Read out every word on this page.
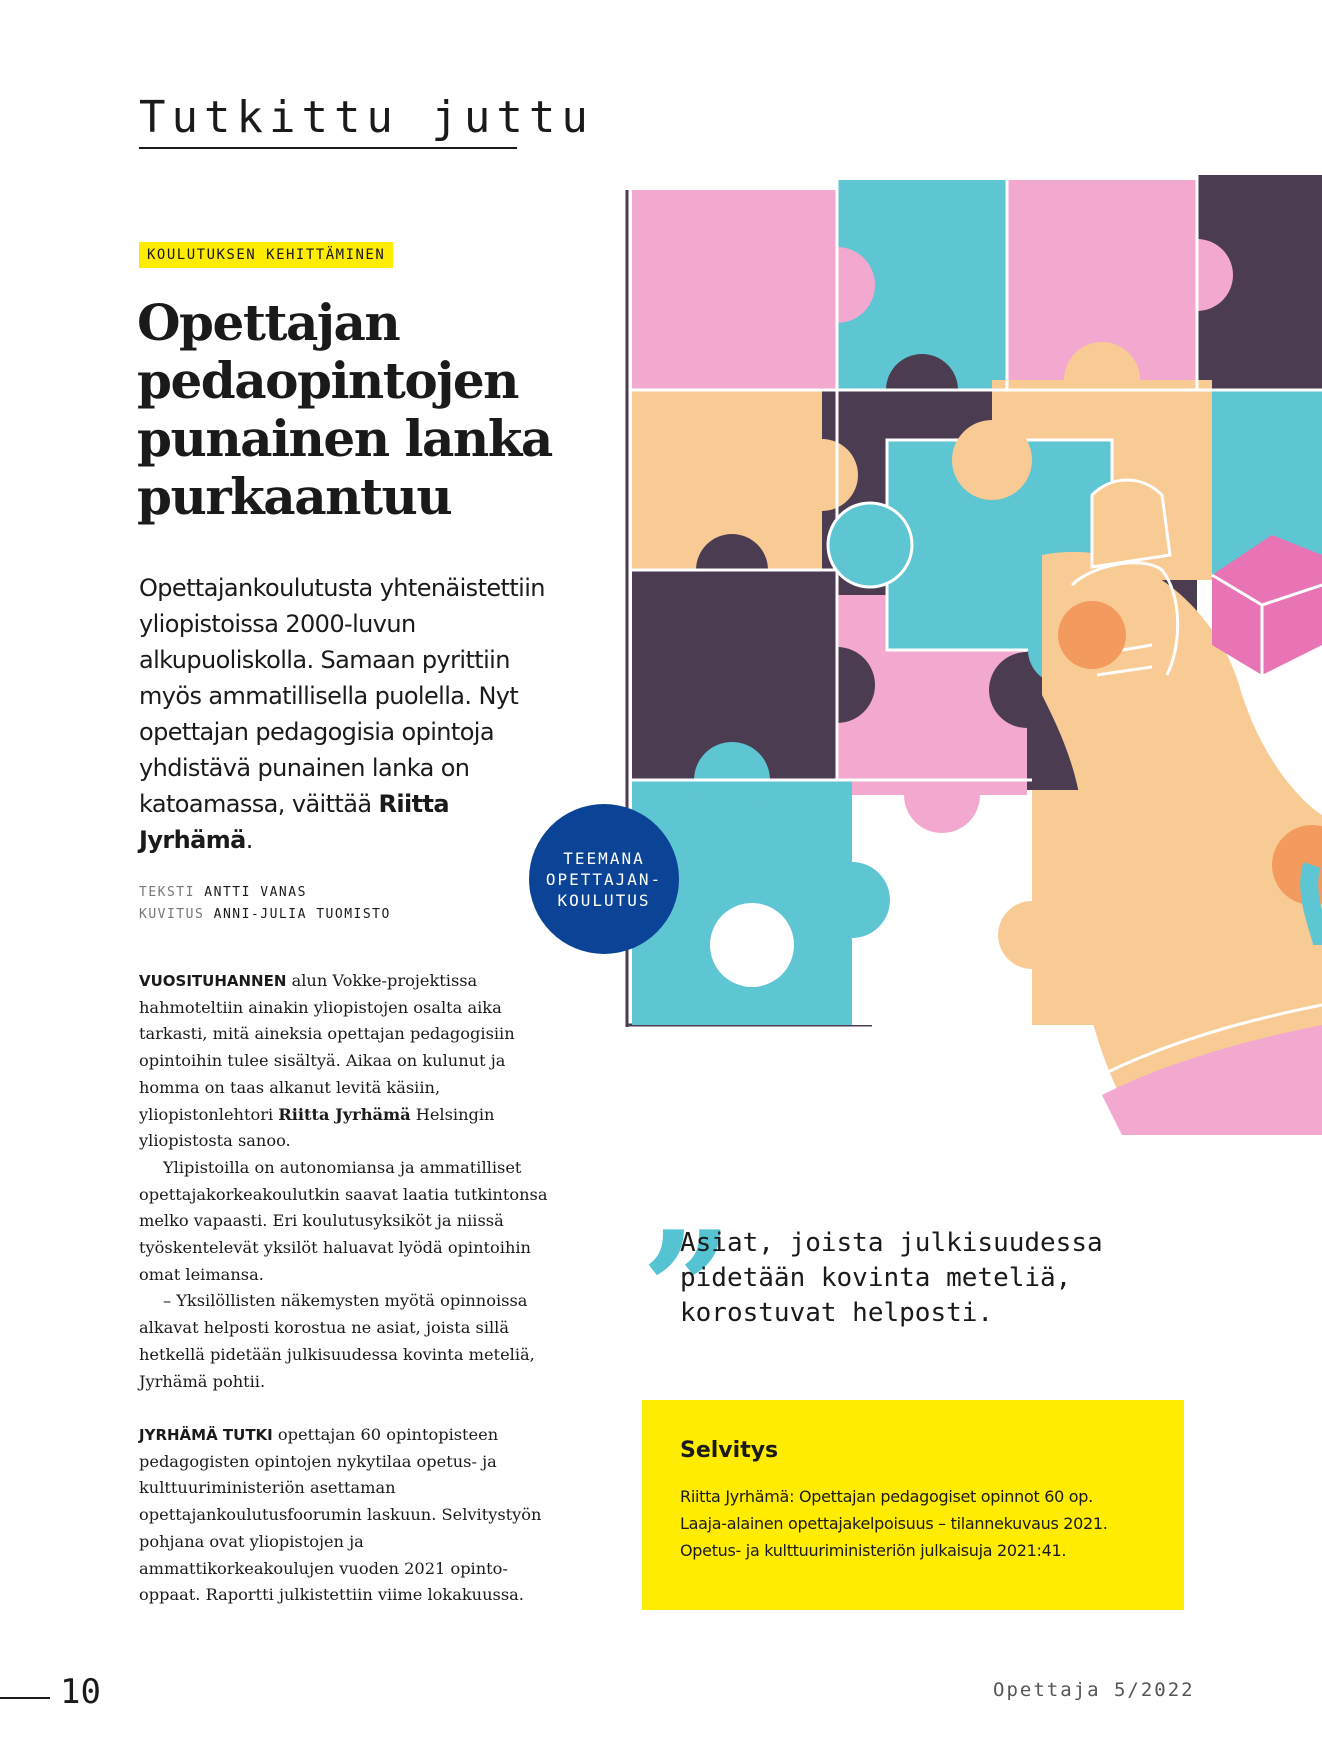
Tutkittu juttu
KOULUTUKSEN KEHITTÄMINEN
Opettajan
pedaopintojen
punainen lanka
purkaantuu

Opettajankoulutusta yhtenäistettiin yliopistoissa 2000-luvun alkupuoliskolla. Samaan pyrittiin myös ammatillisella puolella. Nyt opettajan pedagogisia opintoja yhdistävä punainen lanka on katoamassa, väittää Riitta Jyrhämä.

TEKSTI ANTTI VANAS
KUVITUS ANNI-JULIA TUOMISTO
TEEMANA
OPETTAJAN-
KOULUTUS

VUOSITUHANNEN alun Vokke-projektissa hahmoteltiin ainakin yliopistojen osalta aika tarkasti, mitä aineksia opettajan pedagogisiin opintoihin tulee sisältyä. Aikaa on kulunut ja homma on taas alkanut levitä käsiin, yliopistonlehtori Riitta Jyrhämä Helsingin yliopistosta sanoo.

Ylipistoilla on autonomiansa ja ammatilliset opettajakorkeakoulutkin saavat laatia tutkintonsa melko vapaasti. Eri koulutusyksiköt ja niissä työskentelevät yksilöt haluavat lyödä opintoihin omat leimansa.

– Yksilöllisten näkemysten myötä opinnoissa alkavat helposti korostua ne asiat, joista sillä hetkellä pidetään julkisuudessa kovinta meteliä, Jyrhämä pohtii.

JYRHÄMÄ TUTKI opettajan 60 opintopisteen pedagogisten opintojen nykytilaa opetus- ja kulttuuriministeriön asettaman opettajankoulutusfoorumin laskuun. Selvitystyön pohjana ovat yliopistojen ja ammattikorkeakoulujen vuoden 2021 opinto-oppaat. Raportti julkistettiin viime lokakuussa.

”

Asiat, joista julkisuudessa
pidetään kovinta meteliä,
korostuvat helposti.

Selvitys

Riitta Jyrhämä: Opettajan pedagogiset opinnot 60 op.

Laaja-alainen opettajakelpoisuus – tilannekuvaus 2021.

Opetus- ja kulttuuriministeriön julkaisuja 2021:41.

10	Opettaja 5/2022
